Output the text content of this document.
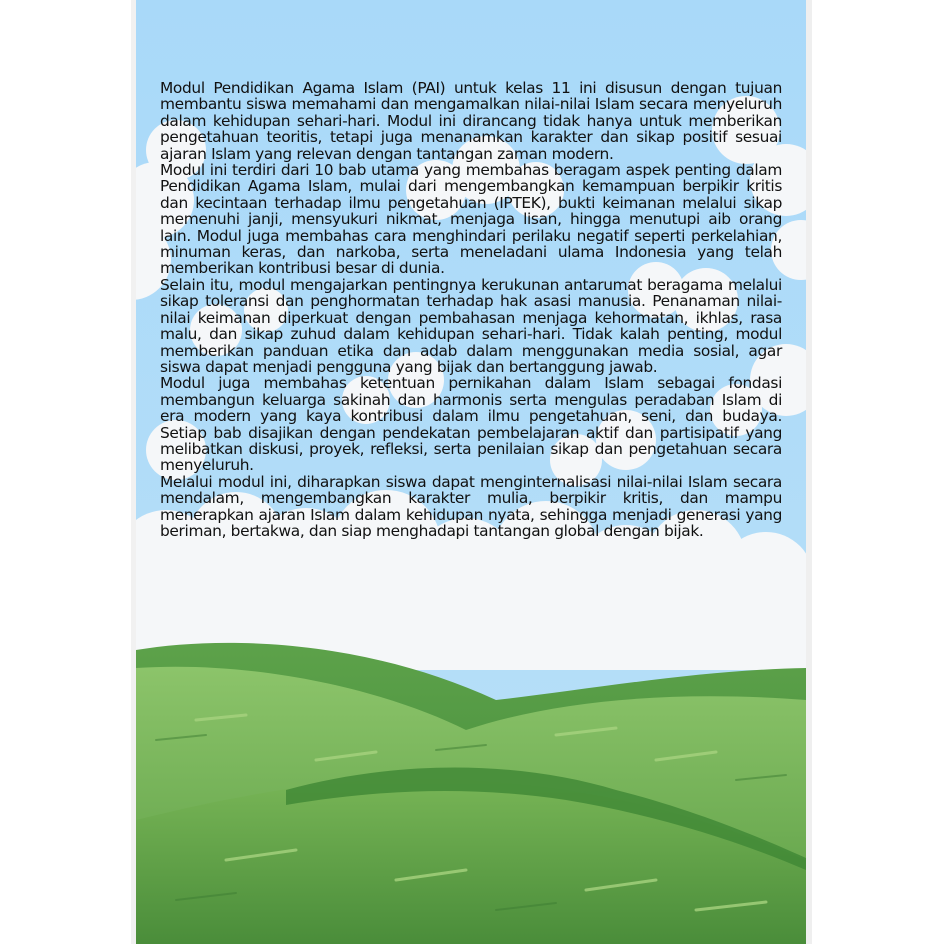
Modul Pendidikan Agama Islam (PAI) untuk kelas 11 ini disusun dengan tujuan membantu siswa memahami dan mengamalkan nilai-nilai Islam secara menyeluruh dalam kehidupan sehari-hari. Modul ini dirancang tidak hanya untuk memberikan pengetahuan teoritis, tetapi juga menanamkan karakter dan sikap positif sesuai ajaran Islam yang relevan dengan tantangan zaman modern.

Modul ini terdiri dari 10 bab utama yang membahas beragam aspek penting dalam Pendidikan Agama Islam, mulai dari mengembangkan kemampuan berpikir kritis dan kecintaan terhadap ilmu pengetahuan (IPTEK), bukti keimanan melalui sikap memenuhi janji, mensyukuri nikmat, menjaga lisan, hingga menutupi aib orang lain. Modul juga membahas cara menghindari perilaku negatif seperti perkelahian, minuman keras, dan narkoba, serta meneladani ulama Indonesia yang telah memberikan kontribusi besar di dunia.

Selain itu, modul mengajarkan pentingnya kerukunan antarumat beragama melalui sikap toleransi dan penghormatan terhadap hak asasi manusia. Penanaman nilai-nilai keimanan diperkuat dengan pembahasan menjaga kehormatan, ikhlas, rasa malu, dan sikap zuhud dalam kehidupan sehari-hari. Tidak kalah penting, modul memberikan panduan etika dan adab dalam menggunakan media sosial, agar siswa dapat menjadi pengguna yang bijak dan bertanggung jawab.

Modul juga membahas ketentuan pernikahan dalam Islam sebagai fondasi membangun keluarga sakinah dan harmonis serta mengulas peradaban Islam di era modern yang kaya kontribusi dalam ilmu pengetahuan, seni, dan budaya. Setiap bab disajikan dengan pendekatan pembelajaran aktif dan partisipatif yang melibatkan diskusi, proyek, refleksi, serta penilaian sikap dan pengetahuan secara menyeluruh.

Melalui modul ini, diharapkan siswa dapat menginternalisasi nilai-nilai Islam secara mendalam, mengembangkan karakter mulia, berpikir kritis, dan mampu menerapkan ajaran Islam dalam kehidupan nyata, sehingga menjadi generasi yang beriman, bertakwa, dan siap menghadapi tantangan global dengan bijak.
